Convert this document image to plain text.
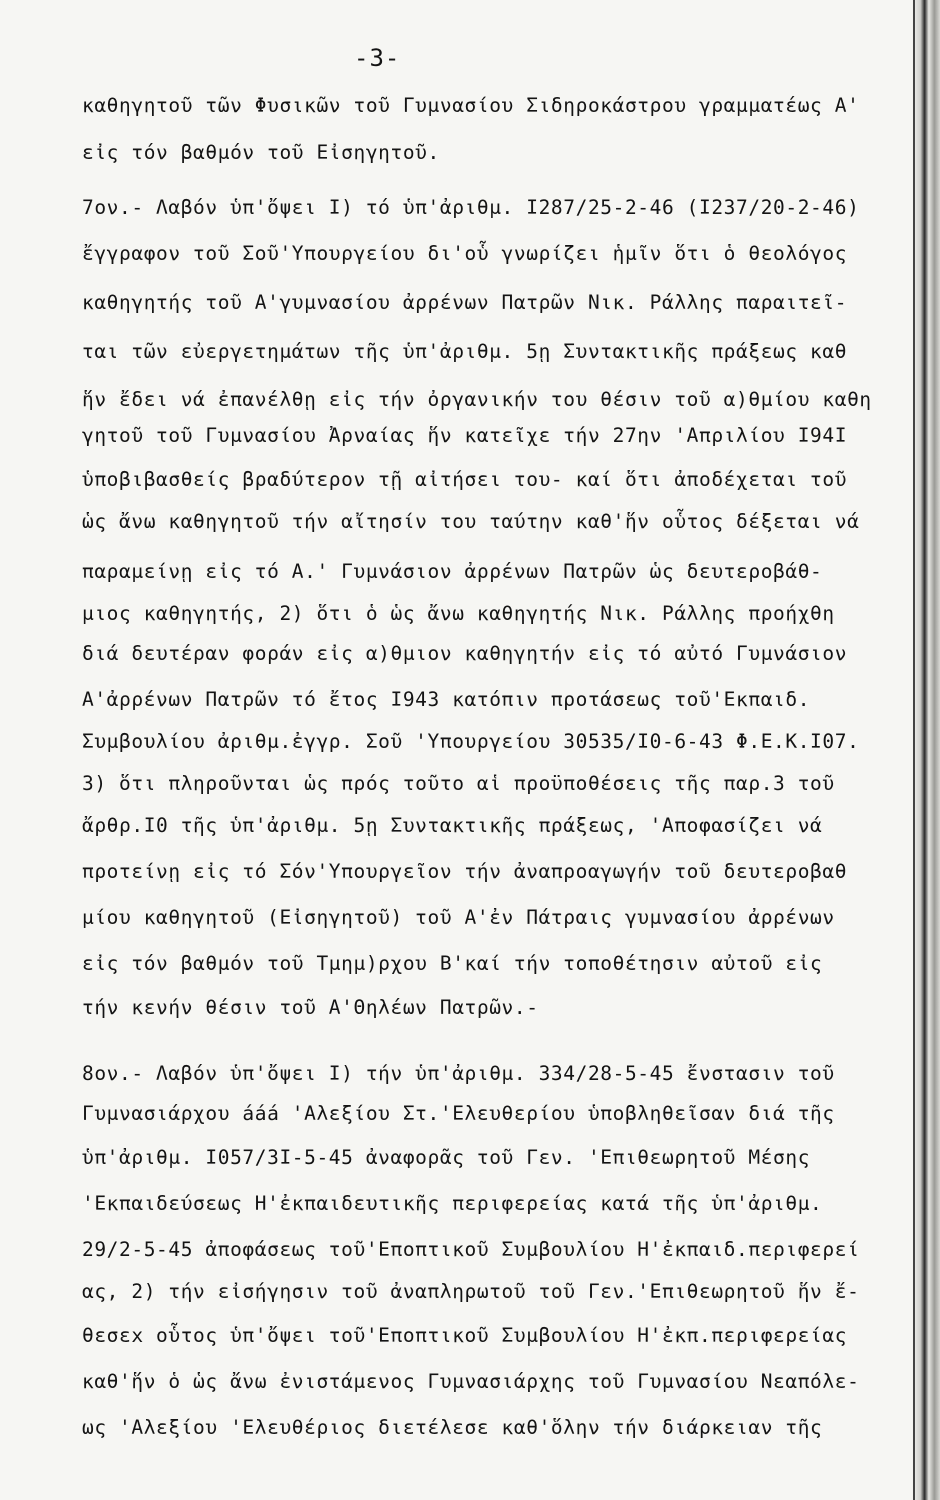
-3-
καθηγητοῦ τῶν Φυσικῶν τοῦ Γυμνασίου Σιδηροκάστρου γραμματέως Α'
εἰς τόν βαθμόν τοῦ Εἰσηγητοῦ.
7ον.- Λαβόν ὑπ'ὄψει Ι) τό ὑπ'ἀριθμ. Ι287/25-2-46 (Ι237/20-2-46)
ἔγγραφον τοῦ Σοῦ'Υπουργείου δι'οὗ γνωρίζει ἡμῖν ὅτι ὁ θεολόγος
καθηγητής τοῦ Α'γυμνασίου ἀρρένων Πατρῶν Νικ. Ράλλης παραιτεῖ-
ται τῶν εὐεργετημάτων τῆς ὑπ'ἀριθμ. 5ῃ Συντακτικῆς πράξεως καθ
ἥν ἔδει νά ἐπανέλθῃ εἰς τήν ὀργανικήν του θέσιν τοῦ α)θμίου καθη
γητοῦ τοῦ Γυμνασίου Ἀρναίας ἥν κατεῖχε τήν 27ην 'Απριλίου Ι94Ι
ὑποβιβασθείς βραδύτερον τῇ αἰτήσει του- καί ὅτι ἀποδέχεται τοῦ
ὡς ἄνω καθηγητοῦ τήν αἴτησίν του ταύτην καθ'ἥν οὗτος δέξεται νά
παραμείνῃ εἰς τό Α.' Γυμνάσιον ἀρρένων Πατρῶν ὡς δευτεροβάθ-
μιος καθηγητής, 2) ὅτι ὁ ὡς ἄνω καθηγητής Νικ. Ράλλης προήχθη
διά δευτέραν φοράν εἰς α)θμιον καθηγητήν εἰς τό αὐτό Γυμνάσιον
Α'ἀρρένων Πατρῶν τό ἔτος Ι943 κατόπιν προτάσεως τοῦ'Εκπαιδ.
Συμβουλίου ἀριθμ.ἐγγρ. Σοῦ 'Υπουργείου 30535/Ι0-6-43 Φ.Ε.Κ.Ι07.
3) ὅτι πληροῦνται ὡς πρός τοῦτο αἱ προϋποθέσεις τῆς παρ.3 τοῦ
ἄρθρ.Ι0 τῆς ὑπ'ἀριθμ. 5ῃ Συντακτικῆς πράξεως, 'Αποφασίζει νά
προτείνῃ εἰς τό Σόν'Υπουργεῖον τήν ἀναπροαγωγήν τοῦ δευτεροβαθ
μίου καθηγητοῦ (Εἰσηγητοῦ) τοῦ Α'ἐν Πάτραις γυμνασίου ἀρρένων
εἰς τόν βαθμόν τοῦ Τμημ)ρχου Β'καί τήν τοποθέτησιν αὐτοῦ εἰς
τήν κενήν θέσιν τοῦ Α'Θηλέων Πατρῶν.-
8ον.- Λαβόν ὑπ'ὄψει Ι) τήν ὑπ'ἀριθμ. 334/28-5-45 ἔνστασιν τοῦ
Γυμνασιάρχου ááá 'Αλεξίου Στ.'Ελευθερίου ὑποβληθεῖσαν διά τῆς
ὑπ'ἀριθμ. Ι057/3Ι-5-45 ἀναφορᾶς τοῦ Γεν. 'Επιθεωρητοῦ Μέσης
'Εκπαιδεύσεως Η'ἐκπαιδευτικῆς περιφερείας κατά τῆς ὑπ'ἀριθμ.
29/2-5-45 ἀποφάσεως τοῦ'Εποπτικοῦ Συμβουλίου Η'ἐκπαιδ.περιφερεί
ας, 2) τήν εἰσήγησιν τοῦ ἀναπληρωτοῦ τοῦ Γεν.'Επιθεωρητοῦ ἥν ἔ-
θεσεx οὗτος ὑπ'ὄψει τοῦ'Εποπτικοῦ Συμβουλίου Η'ἐκπ.περιφερείας
καθ'ἥν ὁ ὡς ἄνω ἐνιστάμενος Γυμνασιάρχης τοῦ Γυμνασίου Νεαπόλε-
ως 'Αλεξίου 'Ελευθέριος διετέλεσε καθ'ὅλην τήν διάρκειαν τῆς
